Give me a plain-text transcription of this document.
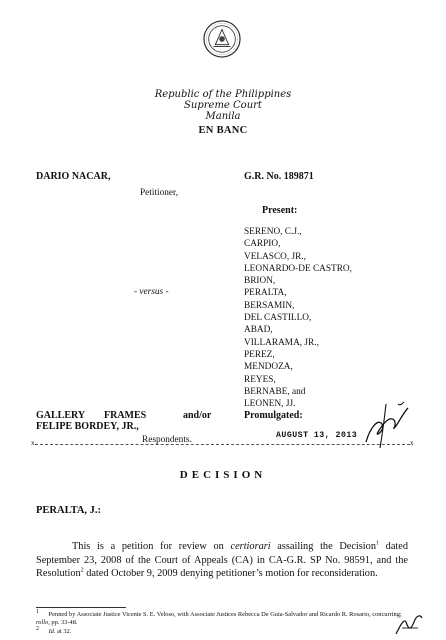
Republic of the Philippines
Supreme Court
Manila
EN BANC
DARIO NACAR,
Petitioner,
G.R. No. 189871
Present:
- versus -
SERENO, C.J.,
CARPIO,
VELASCO, JR.,
LEONARDO-DE CASTRO,
BRION,
PERALTA,
BERSAMIN,
DEL CASTILLO,
ABAD,
VILLARAMA, JR.,
PEREZ,
MENDOZA,
REYES,
BERNABE, and
LEONEN, JJ.
GALLERY FRAMES	and/or
FELIPE BORDEY, JR.,
Respondents.
Promulgated:
AUGUST 13, 2013
x	x
DECISION
PERALTA, J.:
This is a petition for review on certiorari assailing the Decision$^1$ dated September 23, 2008 of the Court of Appeals (CA) in CA-G.R. SP No. 98591, and the Resolution$^2$ dated October 9, 2009 denying petitioner’s motion for reconsideration.
$^1$ Penned by Associate Justice Vicente S. E. Veloso, with Associate Justices Rebecca De Guia-Salvador and Ricardo R. Rosario, concurring; rollo, pp. 33-48.
$^2$ Id. at 32.
